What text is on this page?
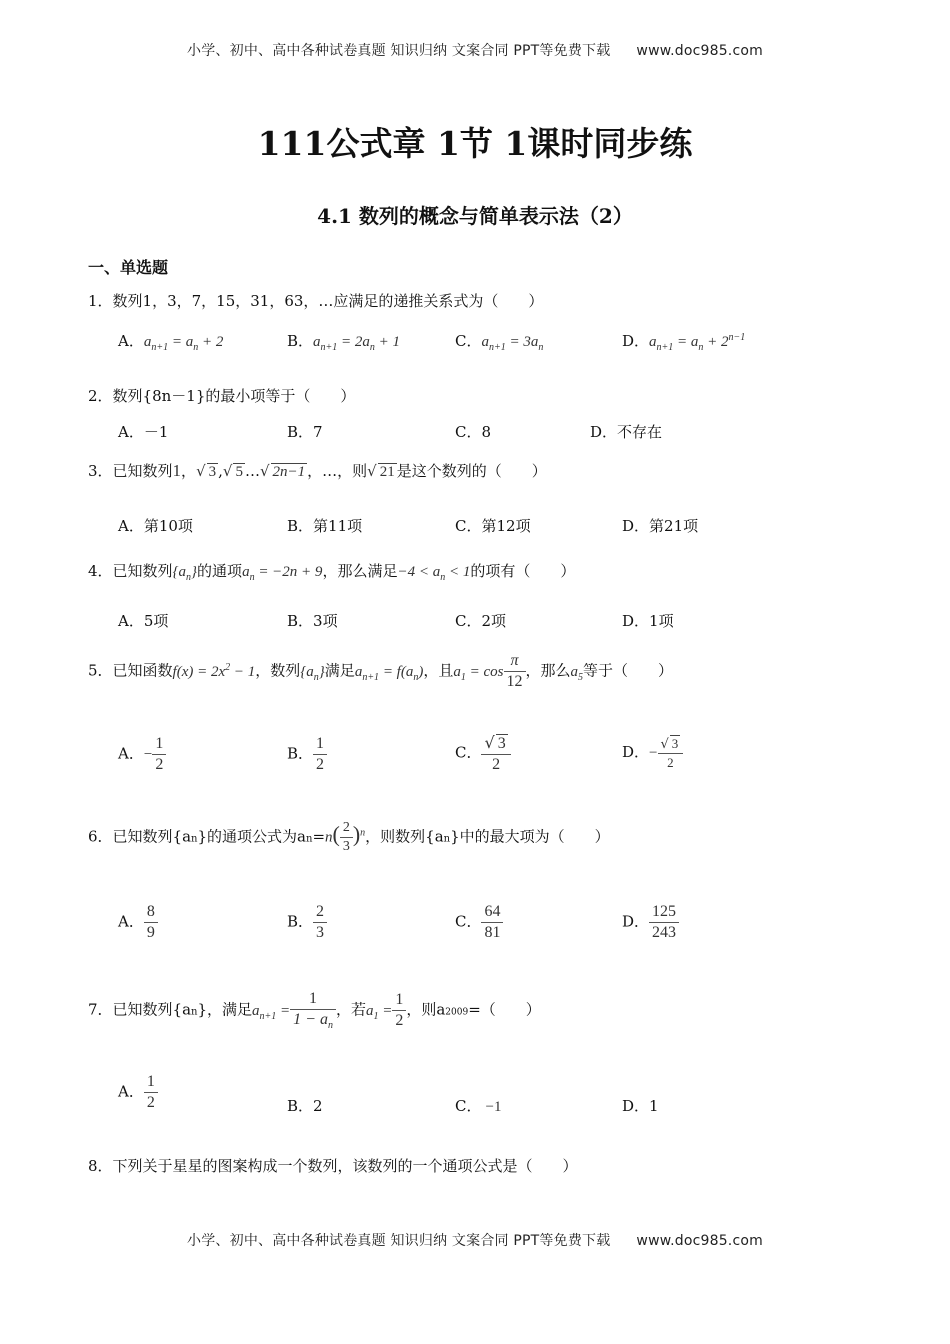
小学、初中、高中各种试卷真题 知识归纳 文案合同 PPT等免费下载 www.doc985.com
111公式章 1节 1课时同步练
4.1 数列的概念与简单表示法（2）
一、单选题
1．数列1，3，7，15，31，63，…应满足的递推关系式为（　　）
A．$a_{n+1} = a_n + 2$	B．$a_{n+1} = 2a_n + 1$	C．$a_{n+1} = 3a_n$	D．$a_{n+1} = a_n + 2^{n-1}$
2．数列{8n－1}的最小项等于（　　）
A．－1	B．7	C．8	D．不存在
3．已知数列1，√ 3 ,√ 5 …√ 2n−1 ，…，则√ 21 是这个数列的（　　）
A．第10项	B．第11项	C．第12项	D．第21项
4．已知数列$\{a_n\}$的通项$a_n = -2n + 9$，那么满足$-4 < a_n < 1$的项有（　　）
A．5项	B．3项	C．2项	D．1项
5．已知函数$f(x) = 2x^2 - 1$，数列$\{a_n\}$满足$a_{n+1} = f(a_n)$，且$a_1 = \cos \frac{\pi}{12}$ ，那么$a_5$等于（　　）
A．− $\frac{1}{2}$	B． $\frac{1}{2}$	C． $\frac{√ 3}{2}$	D．− $\frac{√ 3}{2}$
6．已知数列{an}的通项公式为$an=n( \frac{2}{3} )^n$，则数列{an}中的最大项为（　　）
A． $\frac{8}{9}$	B． $\frac{2}{3}$	C． $\frac{64}{81}$	D． $\frac{125}{243}$
7．已知数列{an}，满足$a_{n+1} = \frac{1}{1 - a_n}$ ，若$a_1 = \frac{1}{2}$ ，则a2009=（　　）
A． $\frac{1}{2}$	B．2	C． −1	D．1
8．下列关于星星的图案构成一个数列，该数列的一个通项公式是（　　）
小学、初中、高中各种试卷真题 知识归纳 文案合同 PPT等免费下载 www.doc985.com
